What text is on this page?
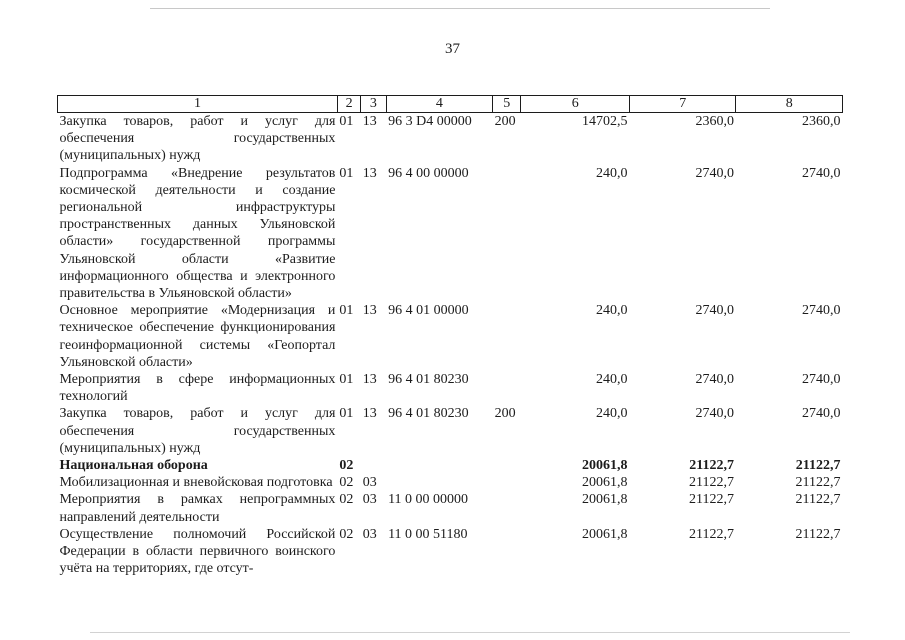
37
1	2	3	4	5	6	7	8
Закупка товаров, работ и услуг для обеспечения государственных (муниципальных) нужд	01	13	96 3 D4 00000	200	14702,5	2360,0	2360,0
Подпрограмма «Внедрение результатов космической деятельности и создание региональной инфраструктуры пространственных данных Ульяновской области» государственной программы Ульяновской области «Развитие информационного общества и электронного правительства в Ульяновской области»	01	13	96 4 00 00000		240,0	2740,0	2740,0
Основное мероприятие «Модернизация и техническое обеспечение функционирования геоинформационной системы «Геопортал Ульяновской области»	01	13	96 4 01 00000		240,0	2740,0	2740,0
Мероприятия в сфере информационных технологий	01	13	96 4 01 80230		240,0	2740,0	2740,0
Закупка товаров, работ и услуг для обеспечения государственных (муниципальных) нужд	01	13	96 4 01 80230	200	240,0	2740,0	2740,0
Национальная оборона	02				20061,8	21122,7	21122,7
Мобилизационная и вневойсковая подготовка	02	03			20061,8	21122,7	21122,7
Мероприятия в рамках непрограммных направлений деятельности	02	03	11 0 00 00000		20061,8	21122,7	21122,7
Осуществление полномочий Российской Федерации в области первичного воинского учёта на территориях, где отсут-	02	03	11 0 00 51180		20061,8	21122,7	21122,7
